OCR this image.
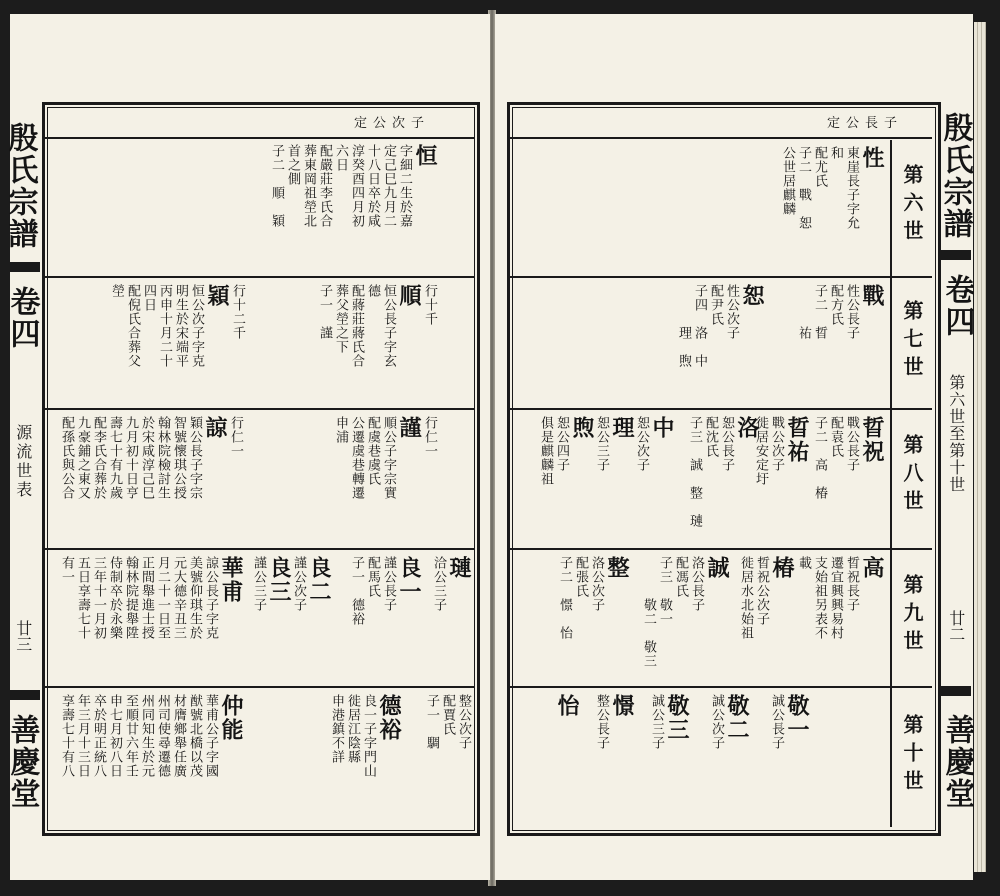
定公次子
殷氏宗譜
卷四
源流世表
廿三
善慶堂
恒
字細二生於嘉
定己巳九月二
十八日卒於咸
淳癸酉四月初
六日
配嚴莊李氏合
葬東岡祖塋北
首之側
子二　順　穎
行十千
順
恒公長子字玄
德
配蔣莊蔣氏合
葬父塋之下
子一　謹
行十二千
穎
恒公次子字克
明生於宋端平
丙申十月二十
四日
配倪氏合葬父
塋
行仁一
謹
順公子字宗實
配虞巷虞氏
公遷虞巷轉遷
申浦
行仁一
諒
穎公長子字宗
智號懷琪公授
翰林院檢討生
於宋咸淳己巳
九月初十日亨
壽七十有九歲
配李氏合葬於
九豪鋪之東又
配孫氏與公合
璉
洽公三子
良一
謹公長子
配馬氏
子一　德裕
良二
謹公次子
良三
謹公三子
華甫
諒公長子字克
美號仰琪生於
元大德辛丑三
月二十一日至
正間舉進士授
翰林院提舉陞
侍制卒於永樂
三年十一月初
五日享壽七十
有一
整公次子
配賈氏
子一　騆
德裕
良一子字門山
徙居江陰縣
申港鎮不詳
仲能
華甫公子字國
猷號北橋以茂
材膺鄉舉任廣
州司使尋遷德
州同知生於元
至順廿六年壬
申七月初八日
卒於明正統八
年三月十三日
享壽七十有八
定公長子
第六世
第七世
第八世
第九世
第十世
殷氏宗譜
卷四
第六世至第十世
廿二
善慶堂
性
東崖長子字允
和
配尤氏
子二　戰　恕
公世居麒麟
戰
性公長子
配方氏
子二　晢
　　　祐
恕
性公次子
配尹氏
子四　洛　中
　　　理　煦
晢祝
戰公長子
配袁氏
子二　高　椿
晢祐
戰公次子
徙居安定圩
洛
恕公長子
配沈氏
子三　誠　整　璉
中
恕公次子
理
恕公三子
煦
恕公四子
俱是麒麟祖
高
晢祝長子
遷宜興興易村
支始祖另表不
載
椿
晢祝公次子
徙居水北始祖
誠
洛公長子
配馮氏
子三　敬一
　　　敬二　敬三
整
洛公次子
配張氏
子二　憬　怡
敬一
誠公長子
敬二
誠公次子
敬三
誠公三子
憬
整公長子
怡
